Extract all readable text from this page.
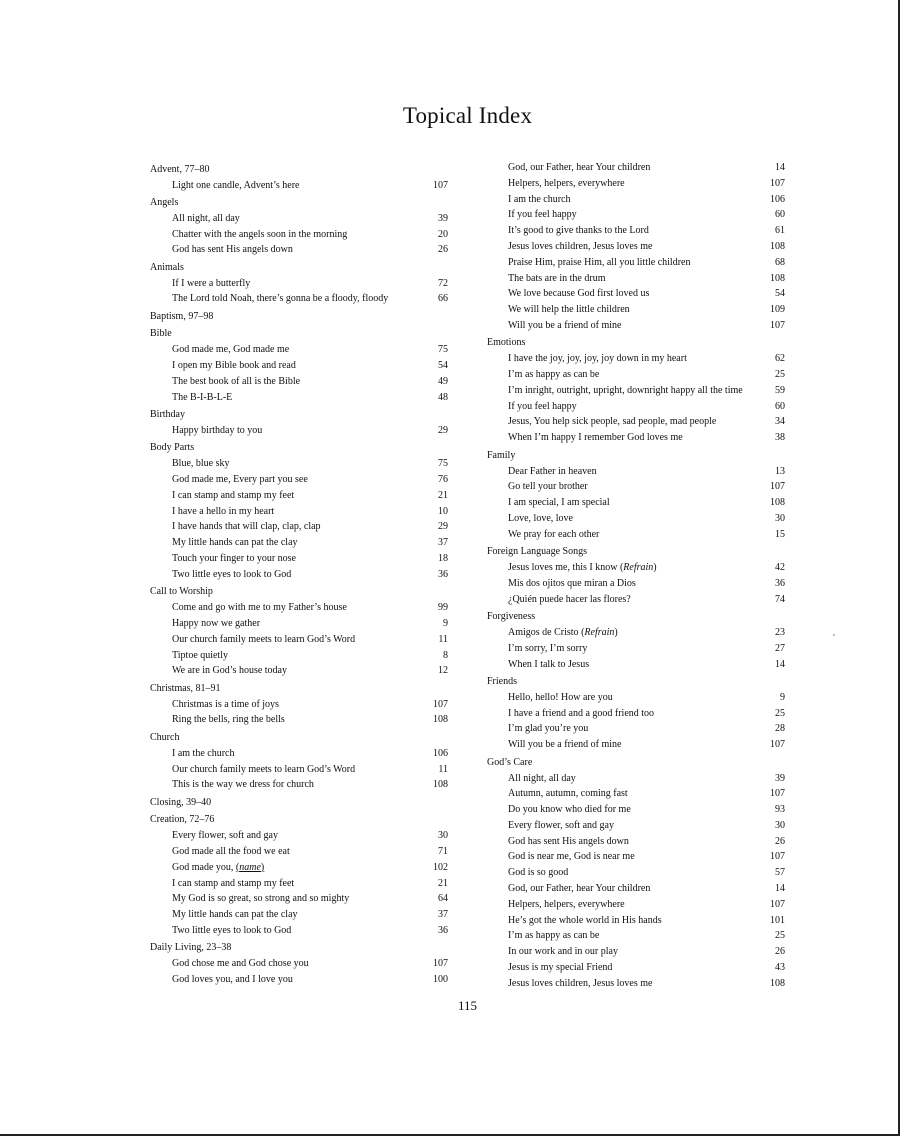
Topical Index
Advent, 77–80
Light one candle, Advent’s here	107
Angels
All night, all day	39
Chatter with the angels soon in the morning	20
God has sent His angels down	26
Animals
If I were a butterfly	72
The Lord told Noah, there’s gonna be a floody, floody	66
Baptism, 97–98
Bible
God made me, God made me	75
I open my Bible book and read	54
The best book of all is the Bible	49
The B-I-B-L-E	48
Birthday
Happy birthday to you	29
Body Parts
Blue, blue sky	75
God made me, Every part you see	76
I can stamp and stamp my feet	21
I have a hello in my heart	10
I have hands that will clap, clap, clap	29
My little hands can pat the clay	37
Touch your finger to your nose	18
Two little eyes to look to God	36
Call to Worship
Come and go with me to my Father’s house	99
Happy now we gather	9
Our church family meets to learn God’s Word	11
Tiptoe quietly	8
We are in God’s house today	12
Christmas, 81–91
Christmas is a time of joys	107
Ring the bells, ring the bells	108
Church
I am the church	106
Our church family meets to learn God’s Word	11
This is the way we dress for church	108
Closing, 39–40
Creation, 72–76
Every flower, soft and gay	30
God made all the food we eat	71
God made you, (name)	102
I can stamp and stamp my feet	21
My God is so great, so strong and so mighty	64
My little hands can pat the clay	37
Two little eyes to look to God	36
Daily Living, 23–38
God chose me and God chose you	107
God loves you, and I love you	100
God, our Father, hear Your children	14
Helpers, helpers, everywhere	107
I am the church	106
If you feel happy	60
It’s good to give thanks to the Lord	61
Jesus loves children, Jesus loves me	108
Praise Him, praise Him, all you little children	68
The bats are in the drum	108
We love because God first loved us	54
We will help the little children	109
Will you be a friend of mine	107
Emotions
I have the joy, joy, joy, joy down in my heart	62
I’m as happy as can be	25
I’m inright, outright, upright, downright happy all the time	59
If you feel happy	60
Jesus, You help sick people, sad people, mad people	34
When I’m happy I remember God loves me	38
Family
Dear Father in heaven	13
Go tell your brother	107
I am special, I am special	108
Love, love, love	30
We pray for each other	15
Foreign Language Songs
Jesus loves me, this I know (Refrain)	42
Mis dos ojitos que miran a Dios	36
¿Quién puede hacer las flores?	74
Forgiveness
Amigos de Cristo (Refrain)	23
I’m sorry, I’m sorry	27
When I talk to Jesus	14
Friends
Hello, hello! How are you	9
I have a friend and a good friend too	25
I’m glad you’re you	28
Will you be a friend of mine	107
God’s Care
All night, all day	39
Autumn, autumn, coming fast	107
Do you know who died for me	93
Every flower, soft and gay	30
God has sent His angels down	26
God is near me, God is near me	107
God is so good	57
God, our Father, hear Your children	14
Helpers, helpers, everywhere	107
He’s got the whole world in His hands	101
I’m as happy as can be	25
In our work and in our play	26
Jesus is my special Friend	43
Jesus loves children, Jesus loves me	108
115
